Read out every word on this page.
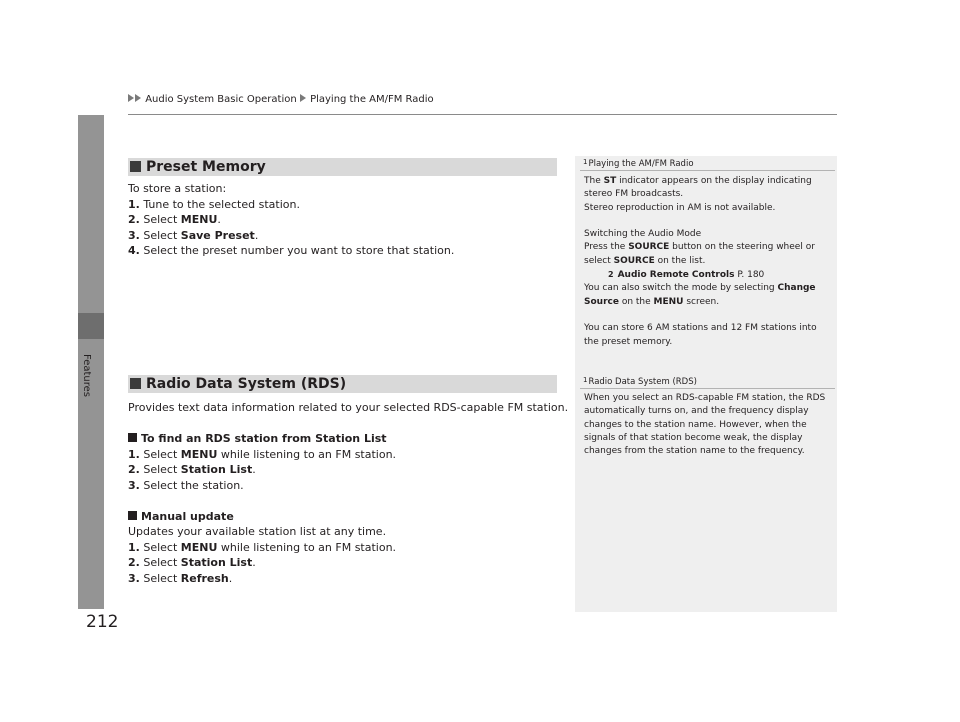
Features
Audio System Basic Operation Playing the AM/FM Radio
Preset Memory
To store a station:
1. Tune to the selected station.
2. Select MENU.
3. Select Save Preset.
4. Select the preset number you want to store that station.
Radio Data System (RDS)
Provides text data information related to your selected RDS-capable FM station.
To find an RDS station from Station List
1. Select MENU while listening to an FM station.
2. Select Station List.
3. Select the station.
Manual update
Updates your available station list at any time.
1. Select MENU while listening to an FM station.
2. Select Station List.
3. Select Refresh.
$^1$Playing the AM/FM Radio
The ST indicator appears on the display indicating
stereo FM broadcasts.
Stereo reproduction in AM is not available.
Switching the Audio Mode
Press the SOURCE button on the steering wheel or
select SOURCE on the list.
2 Audio Remote Controls P. 180
You can also switch the mode by selecting Change
Source on the MENU screen.
You can store 6 AM stations and 12 FM stations into
the preset memory.
$^1$Radio Data System (RDS)
When you select an RDS-capable FM station, the RDS
automatically turns on, and the frequency display
changes to the station name. However, when the
signals of that station become weak, the display
changes from the station name to the frequency.
212
